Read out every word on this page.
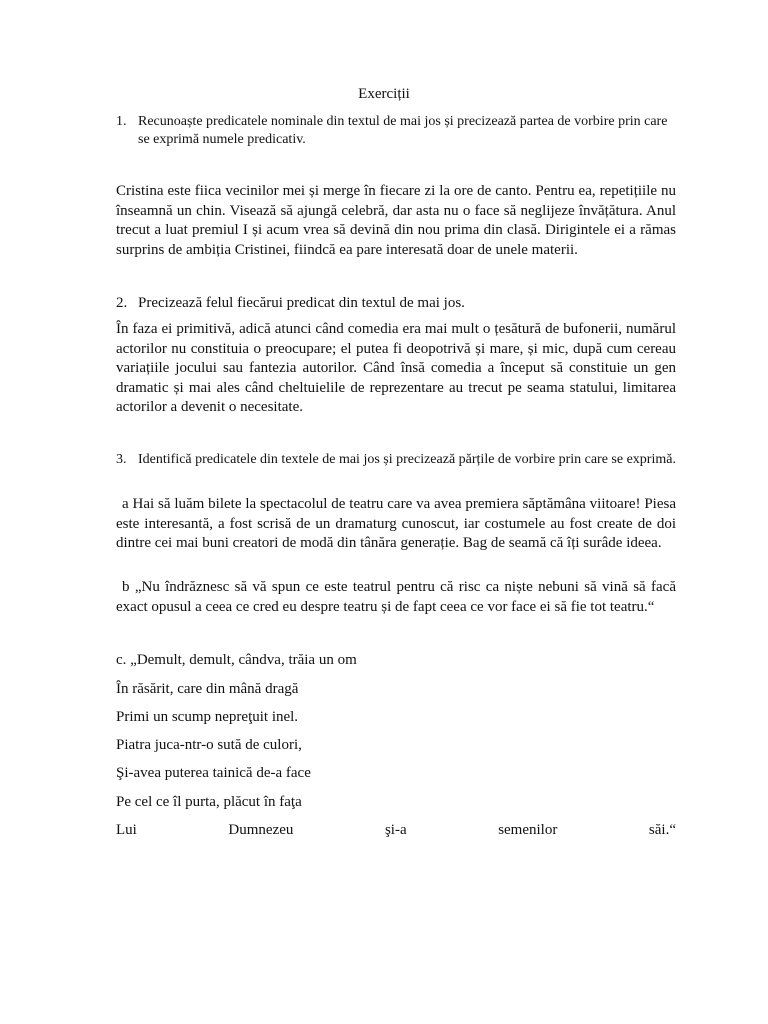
Exerciții
1. Recunoaște predicatele nominale din textul de mai jos și precizează partea de vorbire prin care se exprimă numele predicativ.
Cristina este fiica vecinilor mei și merge în fiecare zi la ore de canto. Pentru ea, repetițiile nu înseamnă un chin. Visează să ajungă celebră, dar asta nu o face să neglijeze învățătura. Anul trecut a luat premiul I și acum vrea să devină din nou prima din clasă. Dirigintele ei a rămas surprins de ambiția Cristinei, fiindcă ea pare interesată doar de unele materii.
2. Precizează felul fiecărui predicat din textul de mai jos.
În faza ei primitivă, adică atunci când comedia era mai mult o țesătură de bufonerii, numărul actorilor nu constituia o preocupare; el putea fi deopotrivă și mare, și mic, după cum cereau variațiile jocului sau fantezia autorilor. Când însă comedia a început să constituie un gen dramatic și mai ales când cheltuielile de reprezentare au trecut pe seama statului, limitarea actorilor a devenit o necesitate.
3. Identifică predicatele din textele de mai jos și precizează părțile de vorbire prin care se exprimă.
a Hai să luăm bilete la spectacolul de teatru care va avea premiera săptămâna viitoare! Piesa este interesantă, a fost scrisă de un dramaturg cunoscut, iar costumele au fost create de doi dintre cei mai buni creatori de modă din tânăra generație. Bag de seamă că îți surâde ideea.
b „Nu îndrăznesc să vă spun ce este teatrul pentru că risc ca niște nebuni să vină să facă exact opusul a ceea ce cred eu despre teatru și de fapt ceea ce vor face ei să fie tot teatru.“
c. „Demult, demult, cândva, trăia un om
În răsărit, care din mână dragă
Primi un scump nepreţuit inel.
Piatra juca-ntr-o sută de culori,
Şi-avea puterea tainică de-a face
Pe cel ce îl purta, plăcut în faţa
Lui	Dumnezeu	şi-a	semenilor	săi.“
